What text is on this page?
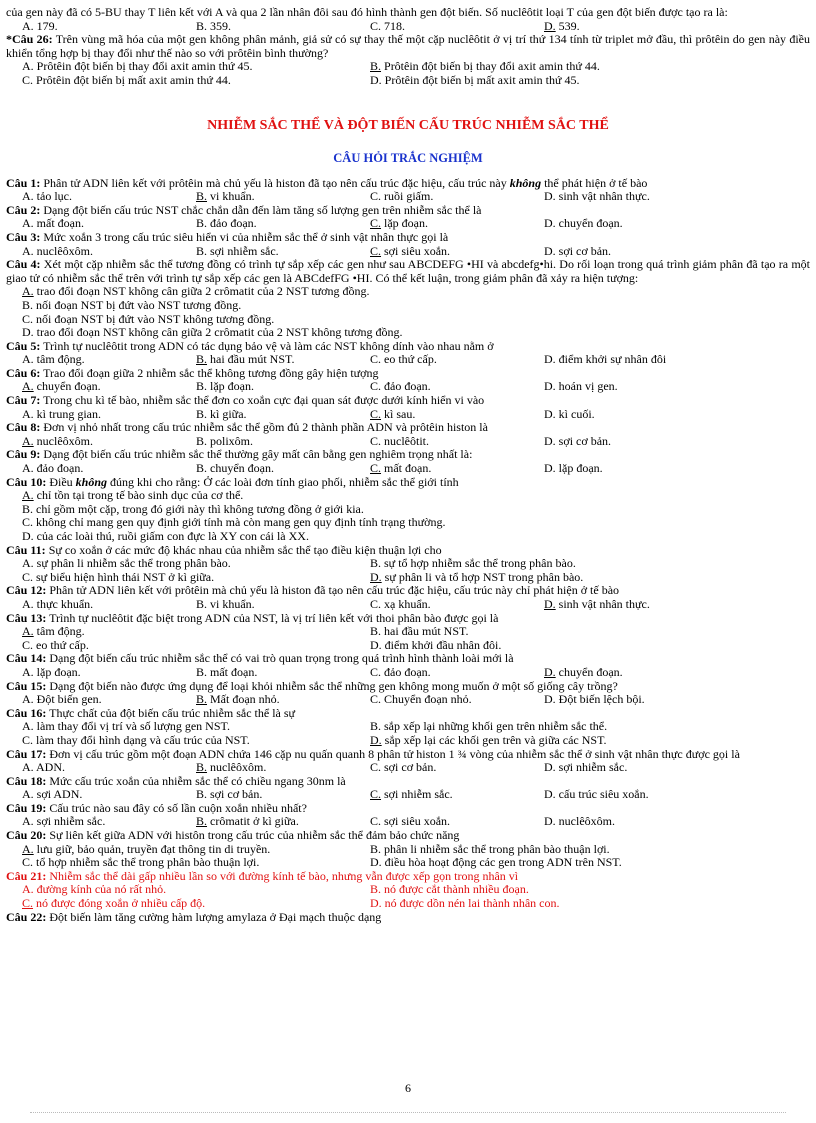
của gen này đã có 5-BU thay T liên kết với A và qua 2 lần nhân đôi sau đó hình thành gen đột biến. Số nuclêôtit loại T của gen đột biến được tạo ra là:

A. 179.	B. 359.	C. 718.	D. 539.

*Câu 26: Trên vùng mã hóa của một gen không phân mảnh, giả sử có sự thay thế một cặp nuclêôtit ở vị trí thứ 134 tính từ triplet mở đầu, thì prôtêin do gen này điều khiển tổng hợp bị thay đổi như thế nào so với prôtêin bình thường?

A. Prôtêin đột biến bị thay đổi axit amin thứ 45.	B. Prôtêin đột biến bị thay đổi axit amin thứ 44.
C. Prôtêin đột biến bị mất axit amin thứ 44.	D. Prôtêin đột biến bị mất axit amin thứ 45.
NHIỄM SẮC THỂ VÀ ĐỘT BIẾN CẤU TRÚC NHIỄM SẮC THỂ
CÂU HỎI TRẮC NGHIỆM

Câu 1: Phân tử ADN liên kết với prôtêin mà chủ yếu là histon đã tạo nên cấu trúc đặc hiệu, cấu trúc này không thể phát hiện ở tế bào

A. tảo lục.	B. vi khuẩn.	C. ruồi giấm.	D. sinh vật nhân thực.

Câu 2: Dạng đột biến cấu trúc NST chắc chắn dẫn đến làm tăng số lượng gen trên nhiễm sắc thể là

A. mất đoạn.	B. đảo đoạn.	C. lặp đoạn.	D. chuyển đoạn.

Câu 3: Mức xoắn 3 trong cấu trúc siêu hiển vi của nhiễm sắc thể ở sinh vật nhân thực gọi là

A. nuclêôxôm.	B. sợi nhiễm sắc.	C. sợi siêu xoắn.	D. sợi cơ bản.

Câu 4: Xét một cặp nhiễm sắc thể tương đồng có trình tự sắp xếp các gen như sau ABCDEFG •HI và abcdefg•hi. Do rối loạn trong quá trình giảm phân đã tạo ra một giao tử có nhiễm sắc thể trên với trình tự sắp xếp các gen là ABCdefFG •HI. Có thể kết luận, trong giảm phân đã xảy ra hiện tượng:

A. trao đổi đoạn NST không cân giữa 2 crômatit của 2 NST tương đồng.
B. nối đoạn NST bị đứt vào NST tương đồng.
C. nối đoạn NST bị đứt vào NST không tương đồng.
D. trao đổi đoạn NST không cân giữa 2 crômatit của 2 NST không tương đồng.

Câu 5: Trình tự nuclêôtit trong ADN có tác dụng bảo vệ và làm các NST không dính vào nhau nằm ở

A. tâm động.	B. hai đầu mút NST.	C. eo thứ cấp.	D. điểm khởi sự nhân đôi

Câu 6: Trao đổi đoạn giữa 2 nhiễm sắc thể không tương đồng gây hiện tượng

A. chuyển đoạn.	B. lặp đoạn.	C. đảo đoạn.	D. hoán vị gen.

Câu 7: Trong chu kì tế bào, nhiễm sắc thể đơn co xoắn cực đại quan sát được dưới kính hiển vi vào

A. kì trung gian.	B. kì giữa.	C. kì sau.	D. kì cuối.

Câu 8: Đơn vị nhỏ nhất trong cấu trúc nhiễm sắc thể gồm đủ 2 thành phần ADN và prôtêin histon là

A. nuclêôxôm.	B. polixôm.	C. nuclêôtit.	D. sợi cơ bản.

Câu 9: Dạng đột biến cấu trúc nhiễm sắc thể thường gây mất cân bằng gen nghiêm trọng nhất là:

A. đảo đoạn.	B. chuyển đoạn.	C. mất đoạn.	D. lặp đoạn.

Câu 10: Điều không đúng khi cho rằng: Ở các loài đơn tính giao phối, nhiễm sắc thể giới tính

A. chỉ tồn tại trong tế bào sinh dục của cơ thể.
B. chỉ gồm một cặp, trong đó giới này thì không tương đồng ở giới kia.
C. không chỉ mang gen quy định giới tính mà còn mang gen quy định tính trạng thường.
D. của các loài thú, ruồi giấm con đực là XY con cái là XX.

Câu 11: Sự co xoắn ở các mức độ khác nhau của nhiễm sắc thể tạo điều kiện thuận lợi cho

A. sự phân li nhiễm sắc thể trong phân bào.	B. sự tổ hợp nhiễm sắc thể trong phân bào.
C. sự biểu hiện hình thái NST ở kì giữa.	D. sự phân li và tổ hợp NST trong phân bào.

Câu 12: Phân tử ADN liên kết với prôtêin mà chủ yếu là histon đã tạo nên cấu trúc đặc hiệu, cấu trúc này chỉ phát hiện ở tế bào

A. thực khuẩn.	B. vi khuẩn.	C. xạ khuẩn.	D. sinh vật nhân thực.

Câu 13: Trình tự nuclêôtit đặc biệt trong ADN của NST, là vị trí liên kết với thoi phân bào được gọi là

A. tâm động.	B. hai đầu mút NST.
C. eo thứ cấp.	D. điểm khởi đầu nhân đôi.

Câu 14: Dạng đột biến cấu trúc nhiễm sắc thể có vai trò quan trọng trong quá trình hình thành loài mới là

A. lặp đoạn.	B. mất đoạn.	C. đảo đoạn.	D. chuyển đoạn.

Câu 15: Dạng đột biến nào được ứng dụng để loại khỏi nhiễm sắc thể những gen không mong muốn ở một số giống cây trồng?

A. Đột biến gen.	B. Mất đoạn nhỏ.	C. Chuyển đoạn nhỏ.	D. Đột biến lệch bội.

Câu 16: Thực chất của đột biến cấu trúc nhiễm sắc thể là sự

A. làm thay đổi vị trí và số lượng gen NST.	B. sắp xếp lại những khối gen trên nhiễm sắc thể.
C. làm thay đổi hình dạng và cấu trúc của NST.	D. sắp xếp lại các khối gen trên và giữa các NST.

Câu 17: Đơn vị cấu trúc gồm một đoạn ADN chứa 146 cặp nu quấn quanh 8 phân tử histon 1 ¾ vòng của nhiễm sắc thể ở sinh vật nhân thực được gọi là

A. ADN.	B. nuclêôxôm.	C. sợi cơ bản.	D. sợi nhiễm sắc.

Câu 18: Mức cấu trúc xoắn của nhiễm sắc thể có chiều ngang 30nm là

A. sợi ADN.	B. sợi cơ bản.	C. sợi nhiễm sắc.	D. cấu trúc siêu xoắn.

Câu 19: Cấu trúc nào sau đây có số lần cuộn xoắn nhiều nhất?

A. sợi nhiễm sắc.	B. crômatit ở kì giữa.	C. sợi siêu xoắn.	D. nuclêôxôm.

Câu 20: Sự liên kết giữa ADN với histôn trong cấu trúc của nhiễm sắc thể đảm bảo chức năng

A. lưu giữ, bảo quản, truyền đạt thông tin di truyền.	B. phân li nhiễm sắc thể trong phân bào thuận lợi.
C. tổ hợp nhiễm sắc thể trong phân bào thuận lợi.	D. điều hòa hoạt động các gen trong ADN trên NST.

Câu 21: Nhiễm sắc thể dài gấp nhiều lần so với đường kính tế bào, nhưng vẫn được xếp gọn trong nhân vì

A. đường kính của nó rất nhỏ.	B. nó được cắt thành nhiều đoạn.
C. nó được đóng xoắn ở nhiều cấp độ.	D. nó được dồn nén lai thành nhân con.

Câu 22: Đột biến làm tăng cường hàm lượng amylaza ở Đại mạch thuộc dạng

6
